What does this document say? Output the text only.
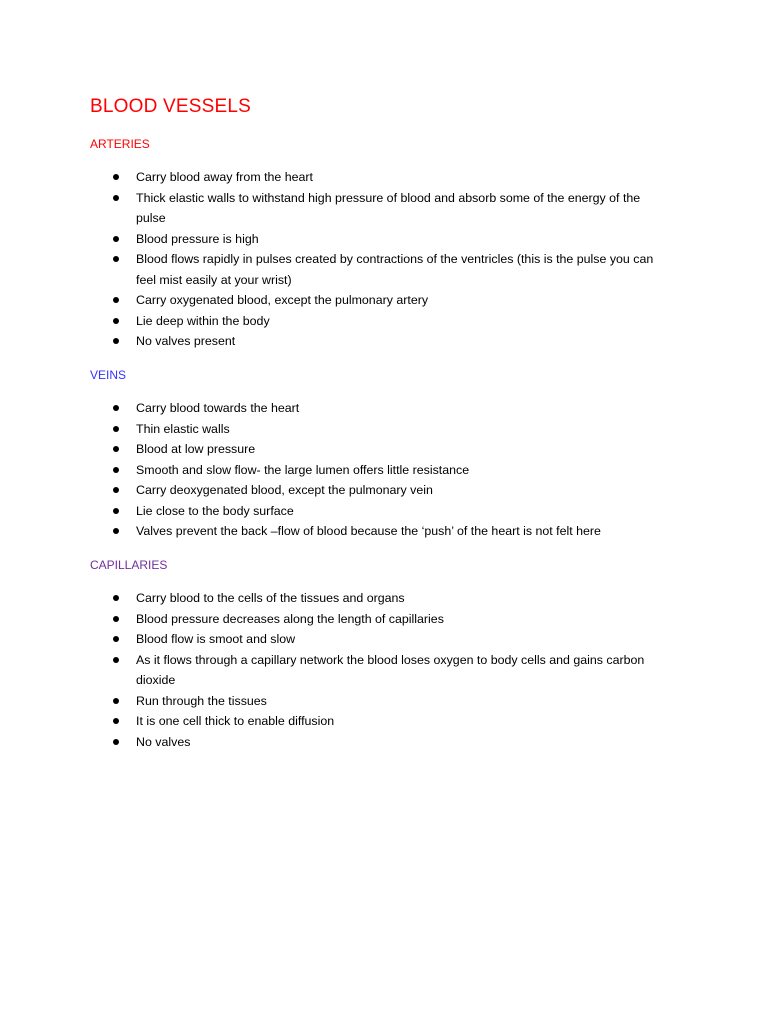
BLOOD VESSELS
ARTERIES
Carry blood away from the heart
Thick elastic walls to withstand high pressure of blood and absorb some of the energy of the pulse
Blood pressure is high
Blood flows rapidly in pulses created by contractions of the ventricles (this is the pulse you can feel mist easily at your wrist)
Carry oxygenated blood, except the pulmonary artery
Lie deep within the body
No valves present
VEINS
Carry blood towards the heart
Thin elastic walls
Blood at low pressure
Smooth and slow flow- the large lumen offers little resistance
Carry deoxygenated blood, except the pulmonary vein
Lie close to the body surface
Valves prevent the back –flow of blood because the ‘push’ of the heart is not felt here
CAPILLARIES
Carry blood to the cells of the tissues and organs
Blood pressure decreases along the length of capillaries
Blood flow is smoot and slow
As it flows through a capillary network the blood loses oxygen to body cells and gains carbon dioxide
Run through the tissues
It is one cell thick to enable diffusion
No valves
